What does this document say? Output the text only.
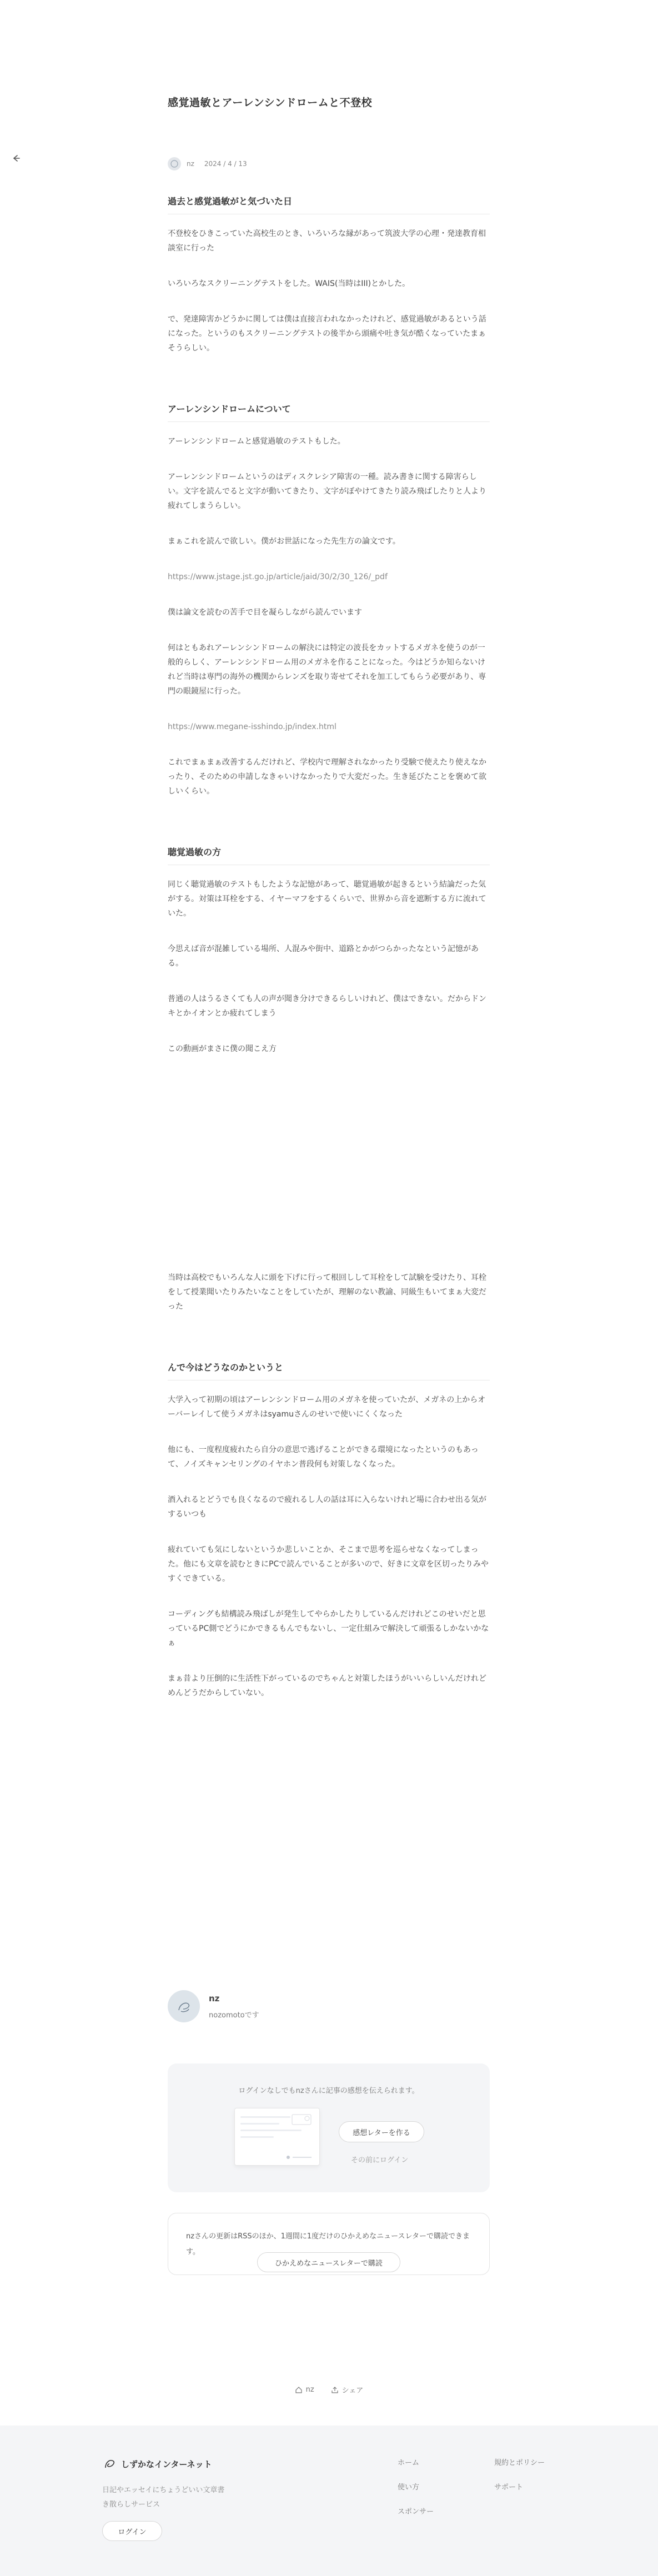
感覚過敏とアーレンシンドロームと不登校
nz 2024 / 4 / 13
過去と感覚過敏がと気づいた日

不登校をひきこっていた高校生のとき、いろいろな縁があって筑波大学の心理・発達教育相談室に行った

いろいろなスクリーニングテストをした。WAIS(当時はIII)とかした。

で、発達障害かどうかに関しては僕は直接言われなかったけれど、感覚過敏があるという話になった。というのもスクリーニングテストの後半から頭痛や吐き気が酷くなっていたまぁそうらしい。

アーレンシンドロームについて

アーレンシンドロームと感覚過敏のテストもした。

アーレンシンドロームというのはディスクレシア障害の一種。読み書きに関する障害らしい。文字を読んでると文字が動いてきたり、文字がぼやけてきたり読み飛ばしたりと人より疲れてしまうらしい。

まぁこれを読んで欲しい。僕がお世話になった先生方の論文です。

https://www.jstage.jst.go.jp/article/jaid/30/2/30_126/_pdf

僕は論文を読むの苦手で目を凝らしながら読んでいます

何はともあれアーレンシンドロームの解決には特定の波長をカットするメガネを使うのが一般的らしく、アーレンシンドローム用のメガネを作ることになった。今はどうか知らないけれど当時は専門の海外の機関からレンズを取り寄せてそれを加工してもらう必要があり、専門の眼鏡屋に行った。

https://www.megane-isshindo.jp/index.html

これでまぁまぁ改善するんだけれど、学校内で理解されなかったり受験で使えたり使えなかったり、そのための申請しなきゃいけなかったりで大変だった。生き延びたことを褒めて欲しいくらい。

聴覚過敏の方

同じく聴覚過敏のテストもしたような記憶があって、聴覚過敏が起きるという結論だった気がする。対策は耳栓をする、イヤーマフをするくらいで、世界から音を遮断する方に流れていた。

今思えば音が混雑している場所、人混みや街中、道路とかがつらかったなという記憶がある。

普通の人はうるさくても人の声が聞き分けできるらしいけれど、僕はできない。だからドンキとかイオンとか疲れてしまう

この動画がまさに僕の聞こえ方

当時は高校でもいろんな人に頭を下げに行って根回しして耳栓をして試験を受けたり、耳栓をして授業聞いたりみたいなことをしていたが、理解のない教諭、同級生もいてまぁ大変だった

んで今はどうなのかというと

大学入って初期の頃はアーレンシンドローム用のメガネを使っていたが、メガネの上からオーバーレイして使うメガネはsyamuさんのせいで使いにくくなった

他にも、一度程度疲れたら自分の意思で逃げることができる環境になったというのもあって、ノイズキャンセリングのイヤホン普段何も対策しなくなった。

酒入れるとどうでも良くなるので疲れるし人の話は耳に入らないけれど場に合わせ出る気がするいつも

疲れていても気にしないというか悲しいことか、そこまで思考を巡らせなくなってしまった。他にも文章を読むときにPCで読んでいることが多いので、好きに文章を区切ったりみやすくできている。

コーディングも結構読み飛ばしが発生してやらかしたりしているんだけれどこのせいだと思っているPC側でどうにかできるもんでもないし、一定仕組みで解決して頑張るしかないかなぁ

まぁ昔より圧倒的に生活性下がっているのでちゃんと対策したほうがいいらしいんだけれどめんどうだからしていない。

nz
nozomotoです
ログインなしでもnzさんに記事の感想を伝えられます。
感想レターを作る
その前にログイン
nzさんの更新はRSSのほか、1週間に1度だけのひかえめなニュースレターで購読できます。
ひかえめなニュースレターで購読
nz	シェア
しずかなインターネット
日記やエッセイにちょうどいい文章書き散らしサービス
ログイン
ホーム
使い方
スポンサー
規約とポリシー
サポート
